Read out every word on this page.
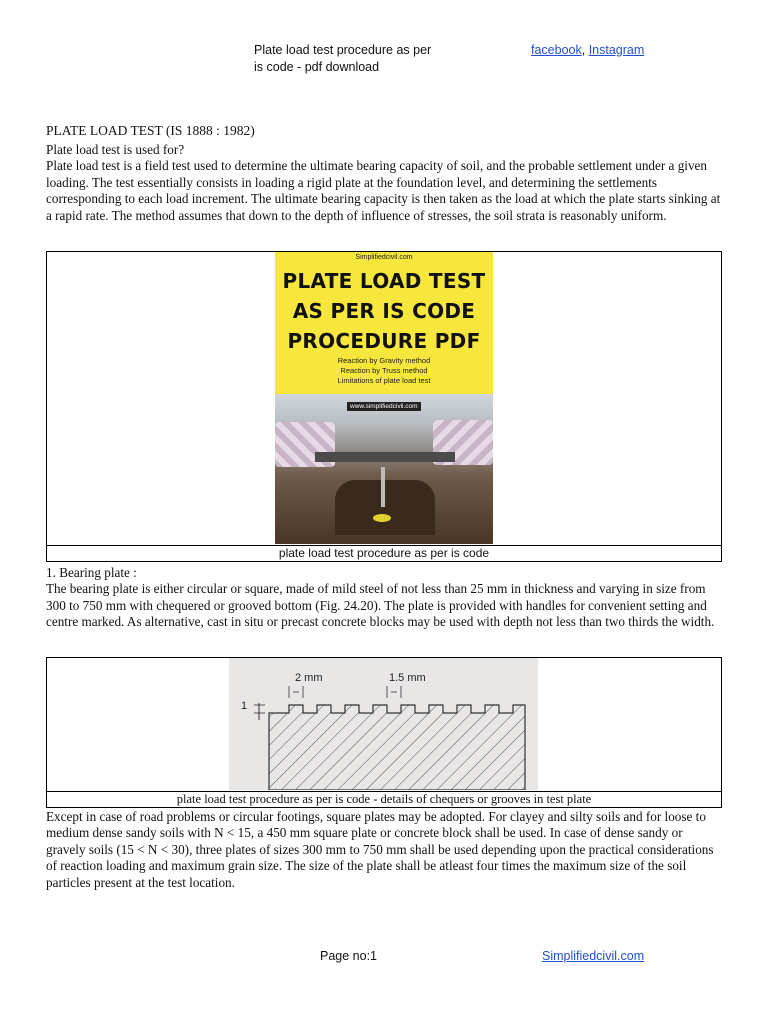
Plate load test procedure as per
is code - pdf download
facebook, Instagram
PLATE LOAD TEST (IS 1888 : 1982)
Plate load test is used for?
Plate load test is a field test used to determine the ultimate bearing capacity of soil, and the probable settlement under a given loading. The test essentially consists in loading a rigid plate at the foundation level, and determining the settlements corresponding to each load increment. The ultimate bearing capacity is then taken as the load at which the plate starts sinking at a rapid rate. The method assumes that down to the depth of influence of stresses, the soil strata is reasonably uniform.
Simplifiedcivil.com
PLATE LOAD TEST
AS PER IS CODE
PROCEDURE PDF
Reaction by Gravity method
Reaction by Truss method
Limitations of plate load test
www.simplifiedcivil.com
plate load test procedure as per is code
1. Bearing plate :
The bearing plate is either circular or square, made of mild steel of not less than 25 mm in thickness and varying in size from 300 to 750 mm with chequered or grooved bottom (Fig. 24.20). The plate is provided with handles for convenient setting and centre marked. As alternative, cast in situ or precast concrete blocks may be used with depth not less than two thirds the width.
2 mm	1.5 mm
1
plate load test procedure as per is code - details of chequers or grooves in test plate
Except in case of road problems or circular footings, square plates may be adopted. For clayey and silty soils and for loose to medium dense sandy soils with N < 15, a 450 mm square plate or concrete block shall be used. In case of dense sandy or gravely soils (15 < N < 30), three plates of sizes 300 mm to 750 mm shall be used depending upon the practical considerations of reaction loading and maximum grain size. The size of the plate shall be atleast four times the maximum size of the soil particles present at the test location.
Page no:1	Simplifiedcivil.com
